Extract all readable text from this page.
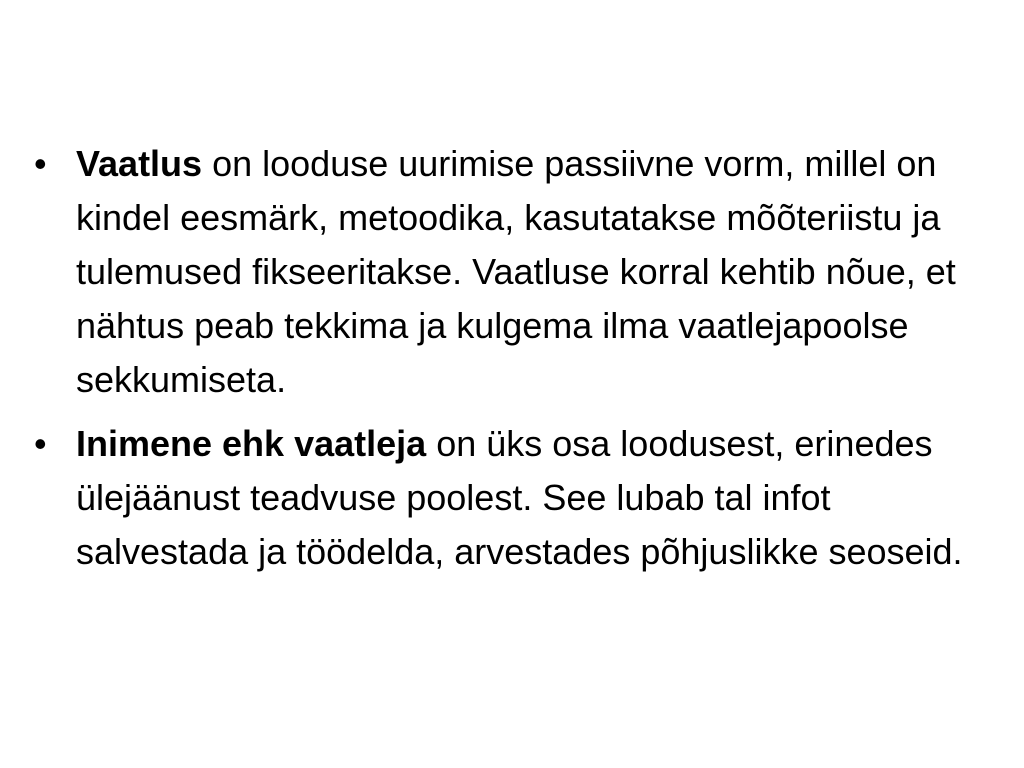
• Vaatlus on looduse uurimise passiivne vorm, millel on  kindel eesmärk, metoodika, kasutatakse mõõteriistu ja  tulemused fikseeritakse. Vaatluse korral kehtib nõue, et nähtus peab tekkima ja kulgema ilma vaatlejapoolse sekkumiseta.
• Inimene ehk vaatleja on üks osa loodusest, erinedes  ülejäänust teadvuse poolest. See lubab tal infot salvestada ja töödelda, arvestades põhjuslikke seoseid.
